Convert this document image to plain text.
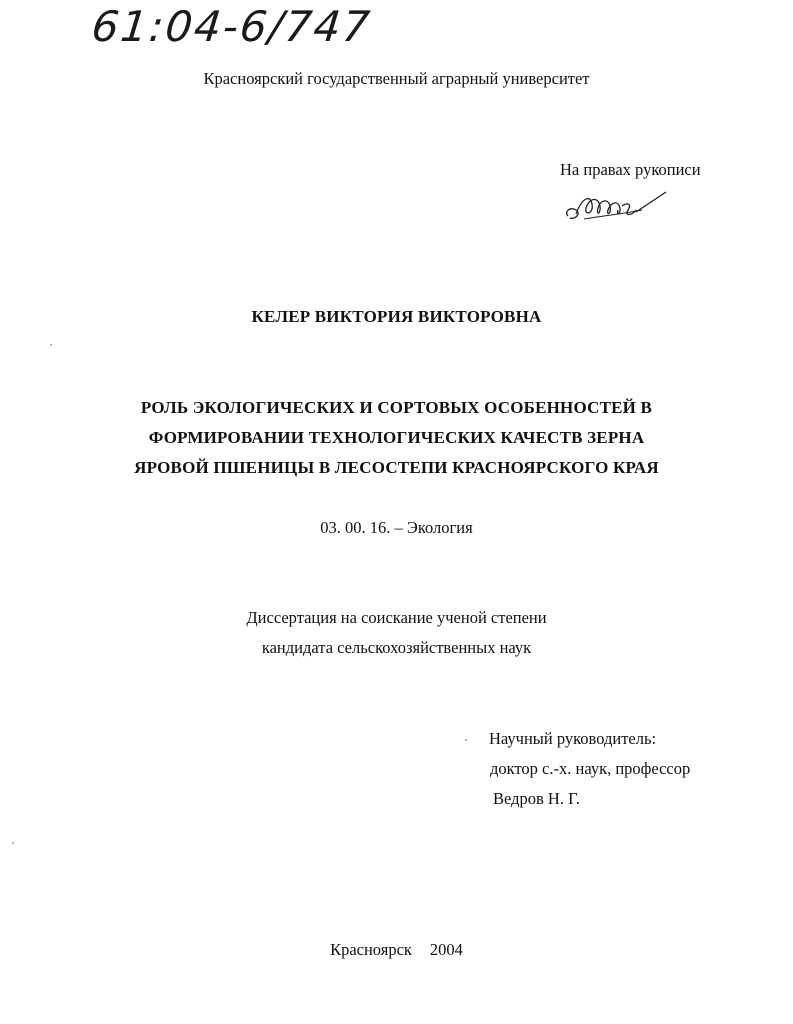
61:04-6/747
Красноярский государственный аграрный университет
На правах рукописи
КЕЛЕР ВИКТОРИЯ ВИКТОРОВНА
РОЛЬ ЭКОЛОГИЧЕСКИХ И СОРТОВЫХ ОСОБЕННОСТЕЙ В
ФОРМИРОВАНИИ ТЕХНОЛОГИЧЕСКИХ КАЧЕСТВ ЗЕРНА
ЯРОВОЙ ПШЕНИЦЫ В ЛЕСОСТЕПИ КРАСНОЯРСКОГО КРАЯ
03. 00. 16. – Экология
Диссертация на соискание ученой степени
кандидата сельскохозяйственных наук
Научный руководитель:
доктор с.-х. наук, профессор
Ведров Н. Г.
Красноярск 2004
